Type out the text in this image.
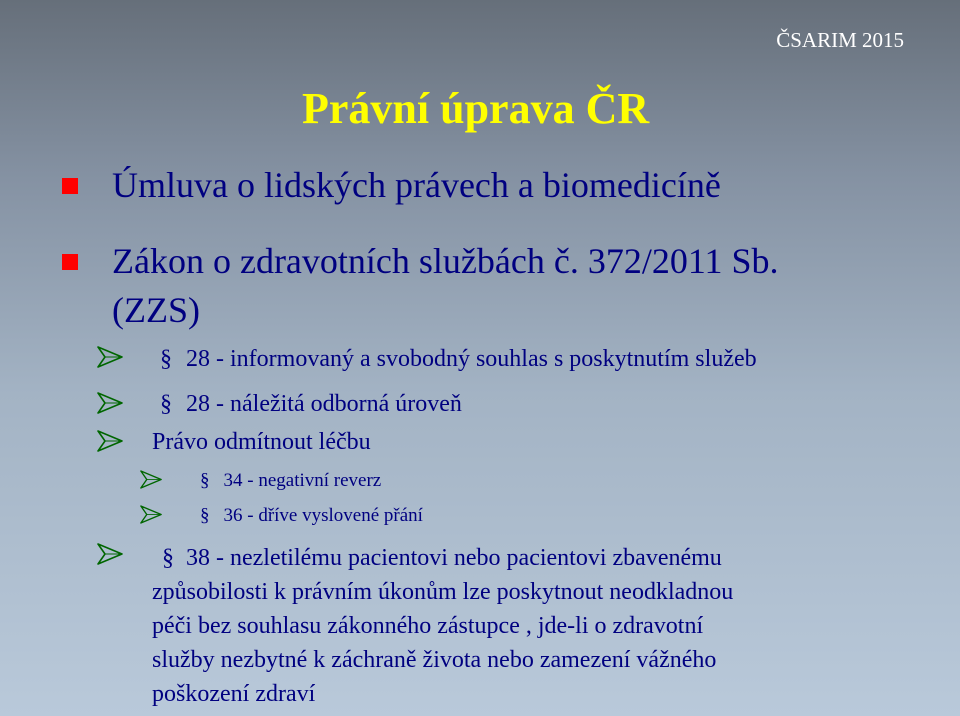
ČSARIM 2015
Právní úprava ČR
Úmluva o lidských právech a biomedicíně
Zákon o zdravotních službách č. 372/2011 Sb.
(ZZS)
§ 28 - informovaný a svobodný souhlas s poskytnutím služeb
§ 28 - náležitá odborná úroveň
Právo odmítnout léčbu
§ 34 - negativní reverz
§ 36 - dříve vyslovené přání
§ 38 - nezletilému pacientovi nebo pacientovi zbavenému
způsobilosti k právním úkonům lze poskytnout neodkladnou
péči bez souhlasu zákonného zástupce , jde-li o zdravotní
služby nezbytné k záchraně života nebo zamezení vážného
poškození zdraví
